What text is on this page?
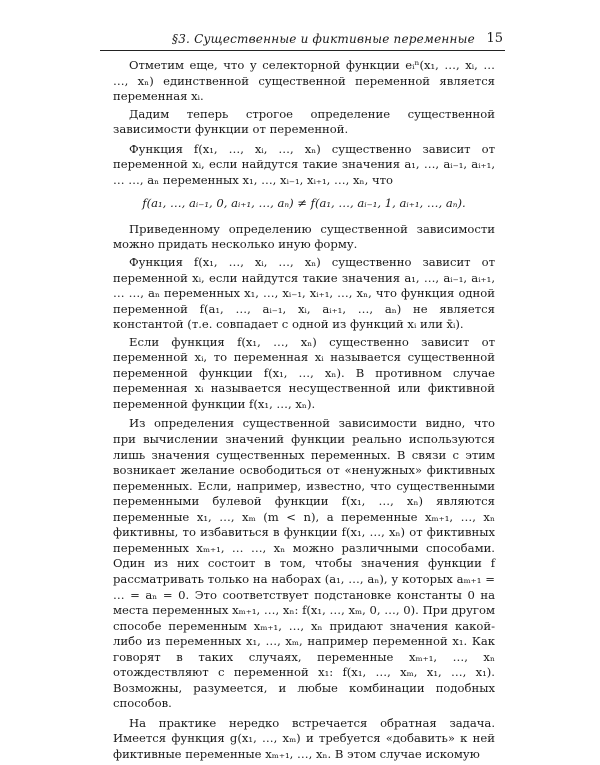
§3. Существенные и фиктивные переменные 15

Отметим еще, что у селекторной функции eᵢⁿ(x₁, …, xᵢ, … …, xₙ) единственной существенной переменной является переменная xᵢ.

Дадим теперь строгое определение существенной зависимости функции от переменной.

Функция f(x₁, …, xᵢ, …, xₙ) существенно зависит от переменной xᵢ, если найдутся такие значения a₁, …, aᵢ₋₁, aᵢ₊₁, … …, aₙ переменных x₁, …, xᵢ₋₁, xᵢ₊₁, …, xₙ, что

f(a₁, …, aᵢ₋₁, 0, aᵢ₊₁, …, aₙ) ≠ f(a₁, …, aᵢ₋₁, 1, aᵢ₊₁, …, aₙ).

Приведенному определению существенной зависимости можно придать несколько иную форму.

Функция f(x₁, …, xᵢ, …, xₙ) существенно зависит от переменной xᵢ, если найдутся такие значения a₁, …, aᵢ₋₁, aᵢ₊₁, … …, aₙ переменных x₁, …, xᵢ₋₁, xᵢ₊₁, …, xₙ, что функция одной переменной f(a₁, …, aᵢ₋₁, xᵢ, aᵢ₊₁, …, aₙ) не является константой (т.е. совпадает с одной из функций xᵢ или x̄ᵢ).

Если функция f(x₁, …, xₙ) существенно зависит от переменной xᵢ, то переменная xᵢ называется существенной переменной функции f(x₁, …, xₙ). В противном случае переменная xᵢ называется несущественной или фиктивной переменной функции f(x₁, …, xₙ).

Из определения существенной зависимости видно, что при вычислении значений функции реально используются лишь значения существенных переменных. В связи с этим возникает желание освободиться от «ненужных» фиктивных переменных. Если, например, известно, что существенными переменными булевой функции f(x₁, …, xₙ) являются переменные x₁, …, xₘ (m < n), а переменные xₘ₊₁, …, xₙ фиктивны, то избавиться в функции f(x₁, …, xₙ) от фиктивных переменных xₘ₊₁, … …, xₙ можно различными способами. Один из них состоит в том, чтобы значения функции f рассматривать только на наборах (a₁, …, aₙ), у которых aₘ₊₁ = … = aₙ = 0. Это соответствует подстановке константы 0 на места переменных xₘ₊₁, …, xₙ: f(x₁, …, xₘ, 0, …, 0). При другом способе переменным xₘ₊₁, …, xₙ придают значения какой-либо из переменных x₁, …, xₘ, например переменной x₁. Как говорят в таких случаях, переменные xₘ₊₁, …, xₙ отождествляют с переменной x₁: f(x₁, …, xₘ, x₁, …, x₁). Возможны, разумеется, и любые комбинации подобных способов.

На практике нередко встречается обратная задача. Имеется функция g(x₁, …, xₘ) и требуется «добавить» к ней фиктивные переменные xₘ₊₁, …, xₙ. В этом случае искомую
